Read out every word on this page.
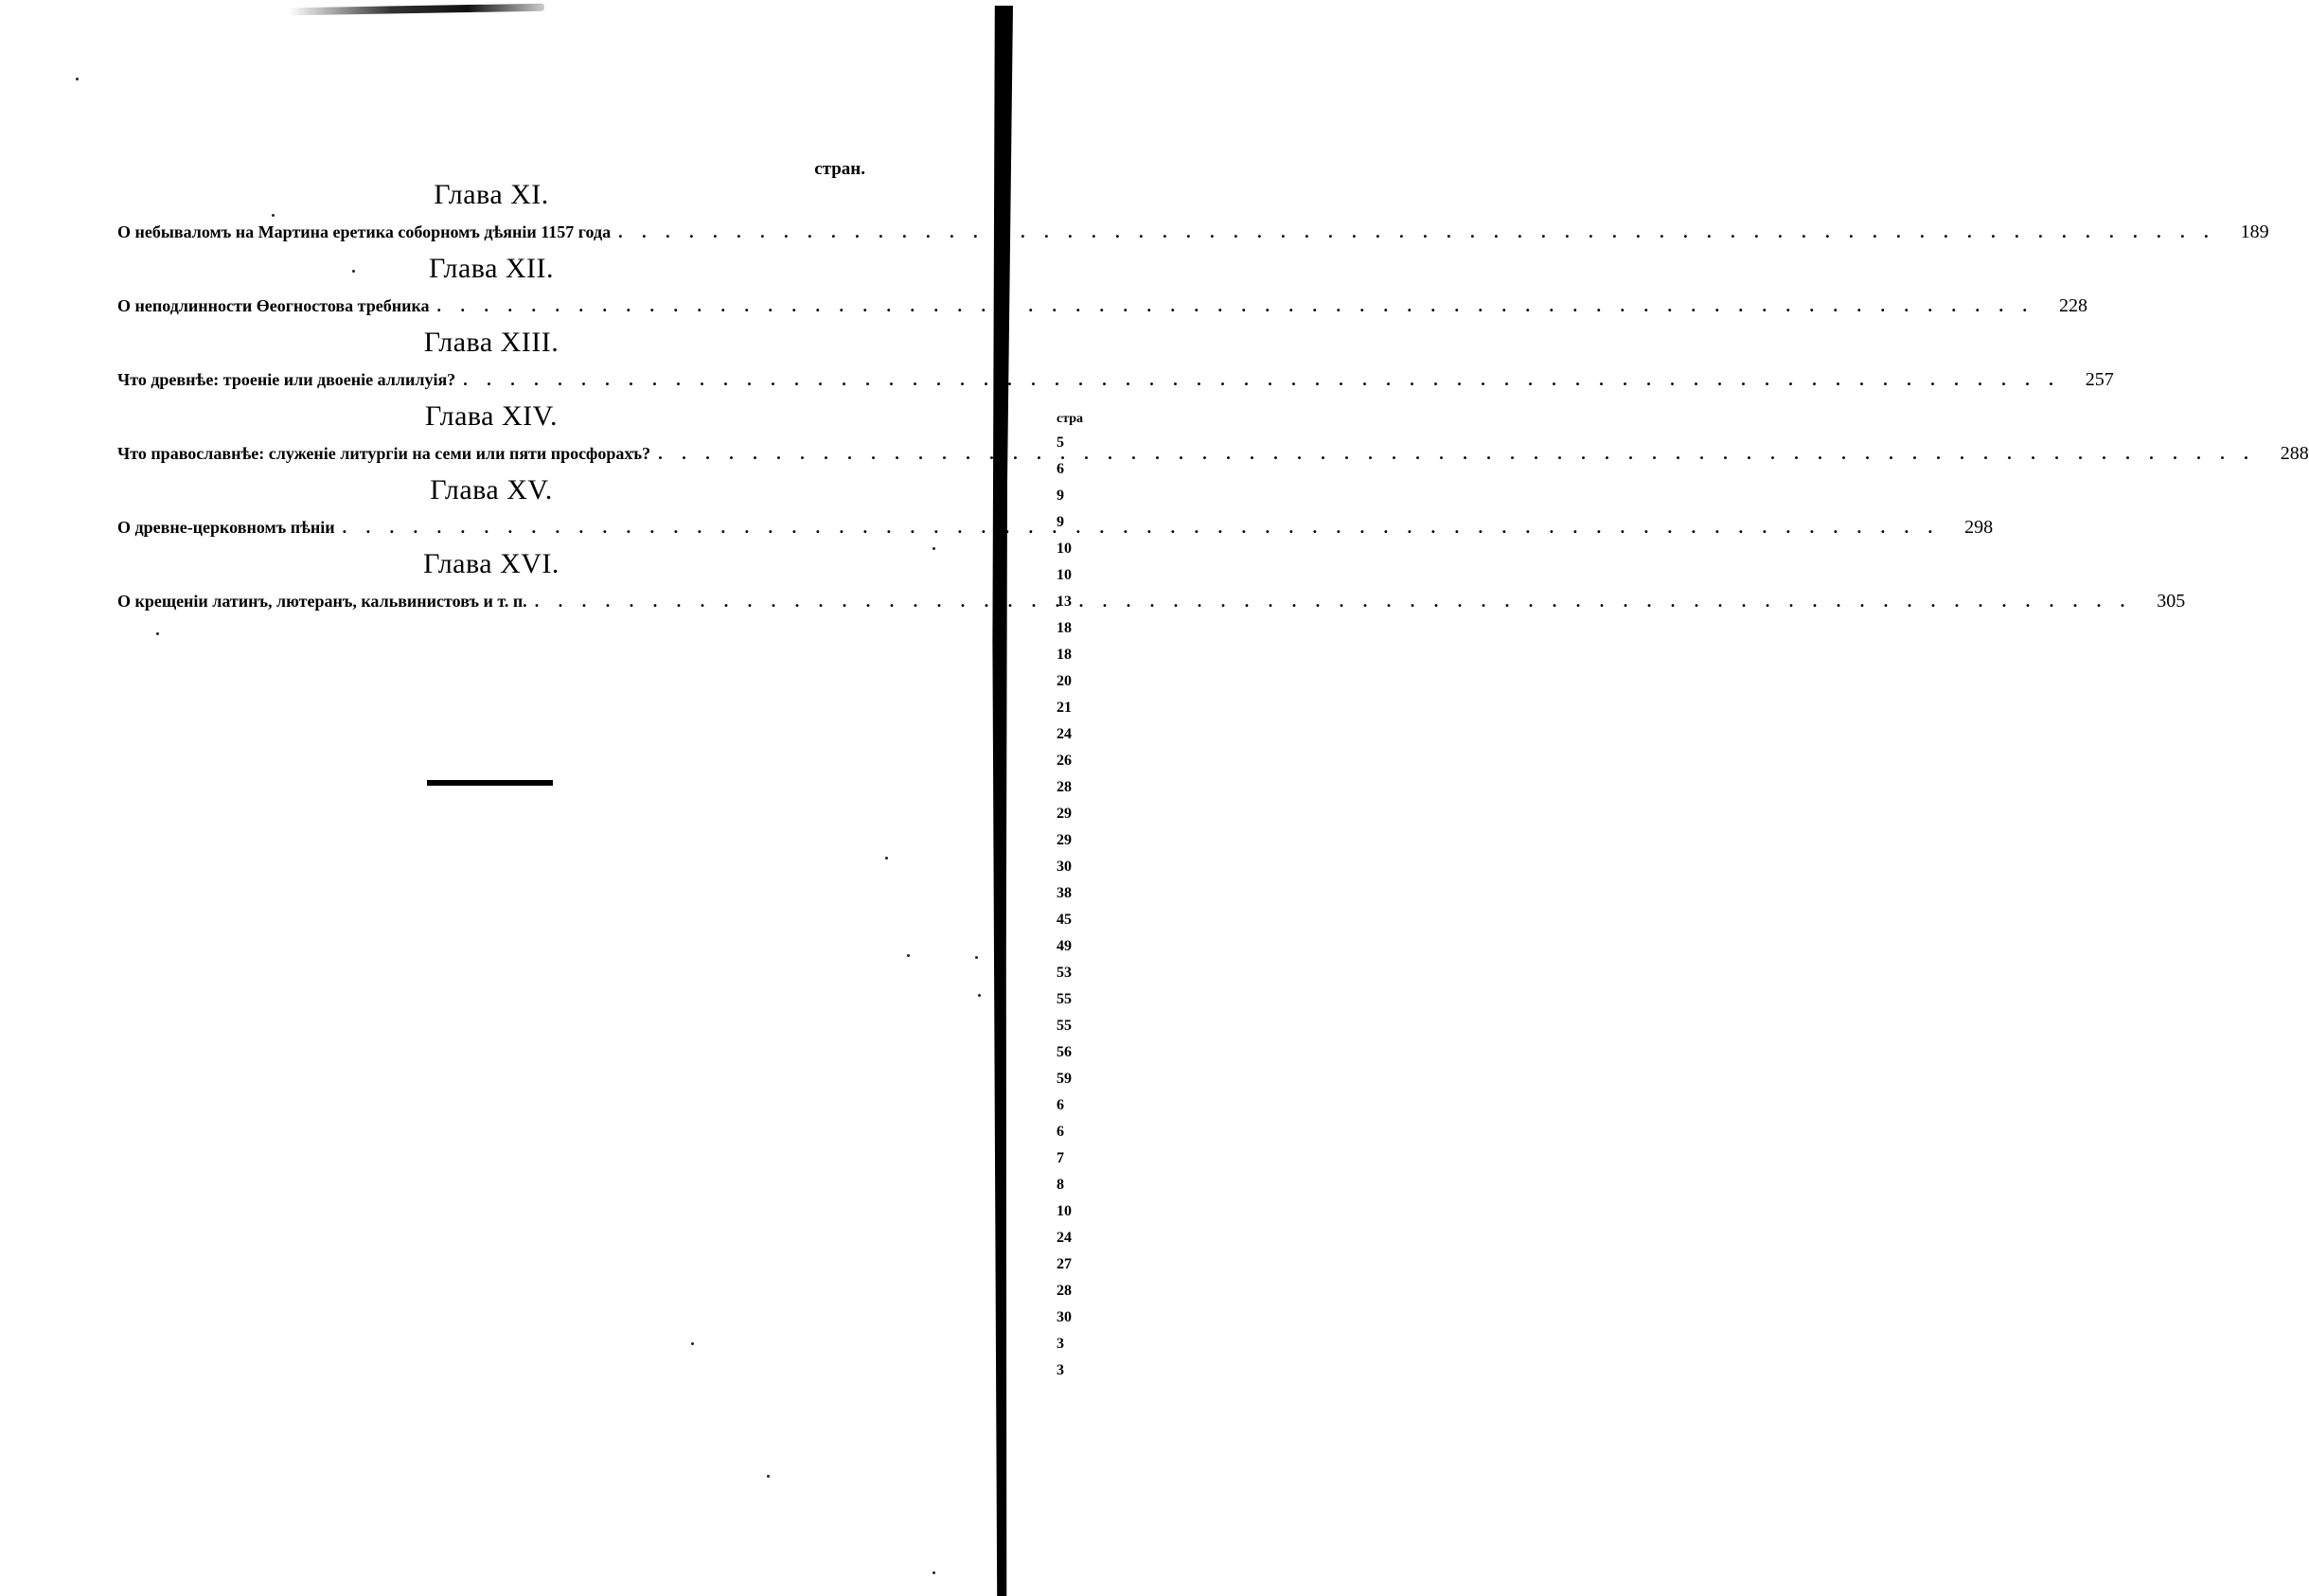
стран.
Глава XI.
О небываломъ на Мартина еретика соборномъ дѣяніи 1157 года . . .	189
Глава XII.
О неподлинности Өеогностова требника . . .	228
Глава XIII.
Что древнѣе: троеніе или двоеніе аллилуія? . . .	257
Глава XIV.
Что православнѣе: служеніе литургіи на семи или пяти просфорахъ? . . .	288
Глава XV.
О древне-церковномъ пѣніи . . .	298
Глава XVI.
О крещеніи латинъ, лютеранъ, кальвинистовъ и т. п. . . .	305
стра
5
6
9
9
10
10
13
18
18
20
21
24
26
28
29
29
30
38
45
49
53
55
55
56
59
6
6
7
8
10
24
27
28
30
3
3
